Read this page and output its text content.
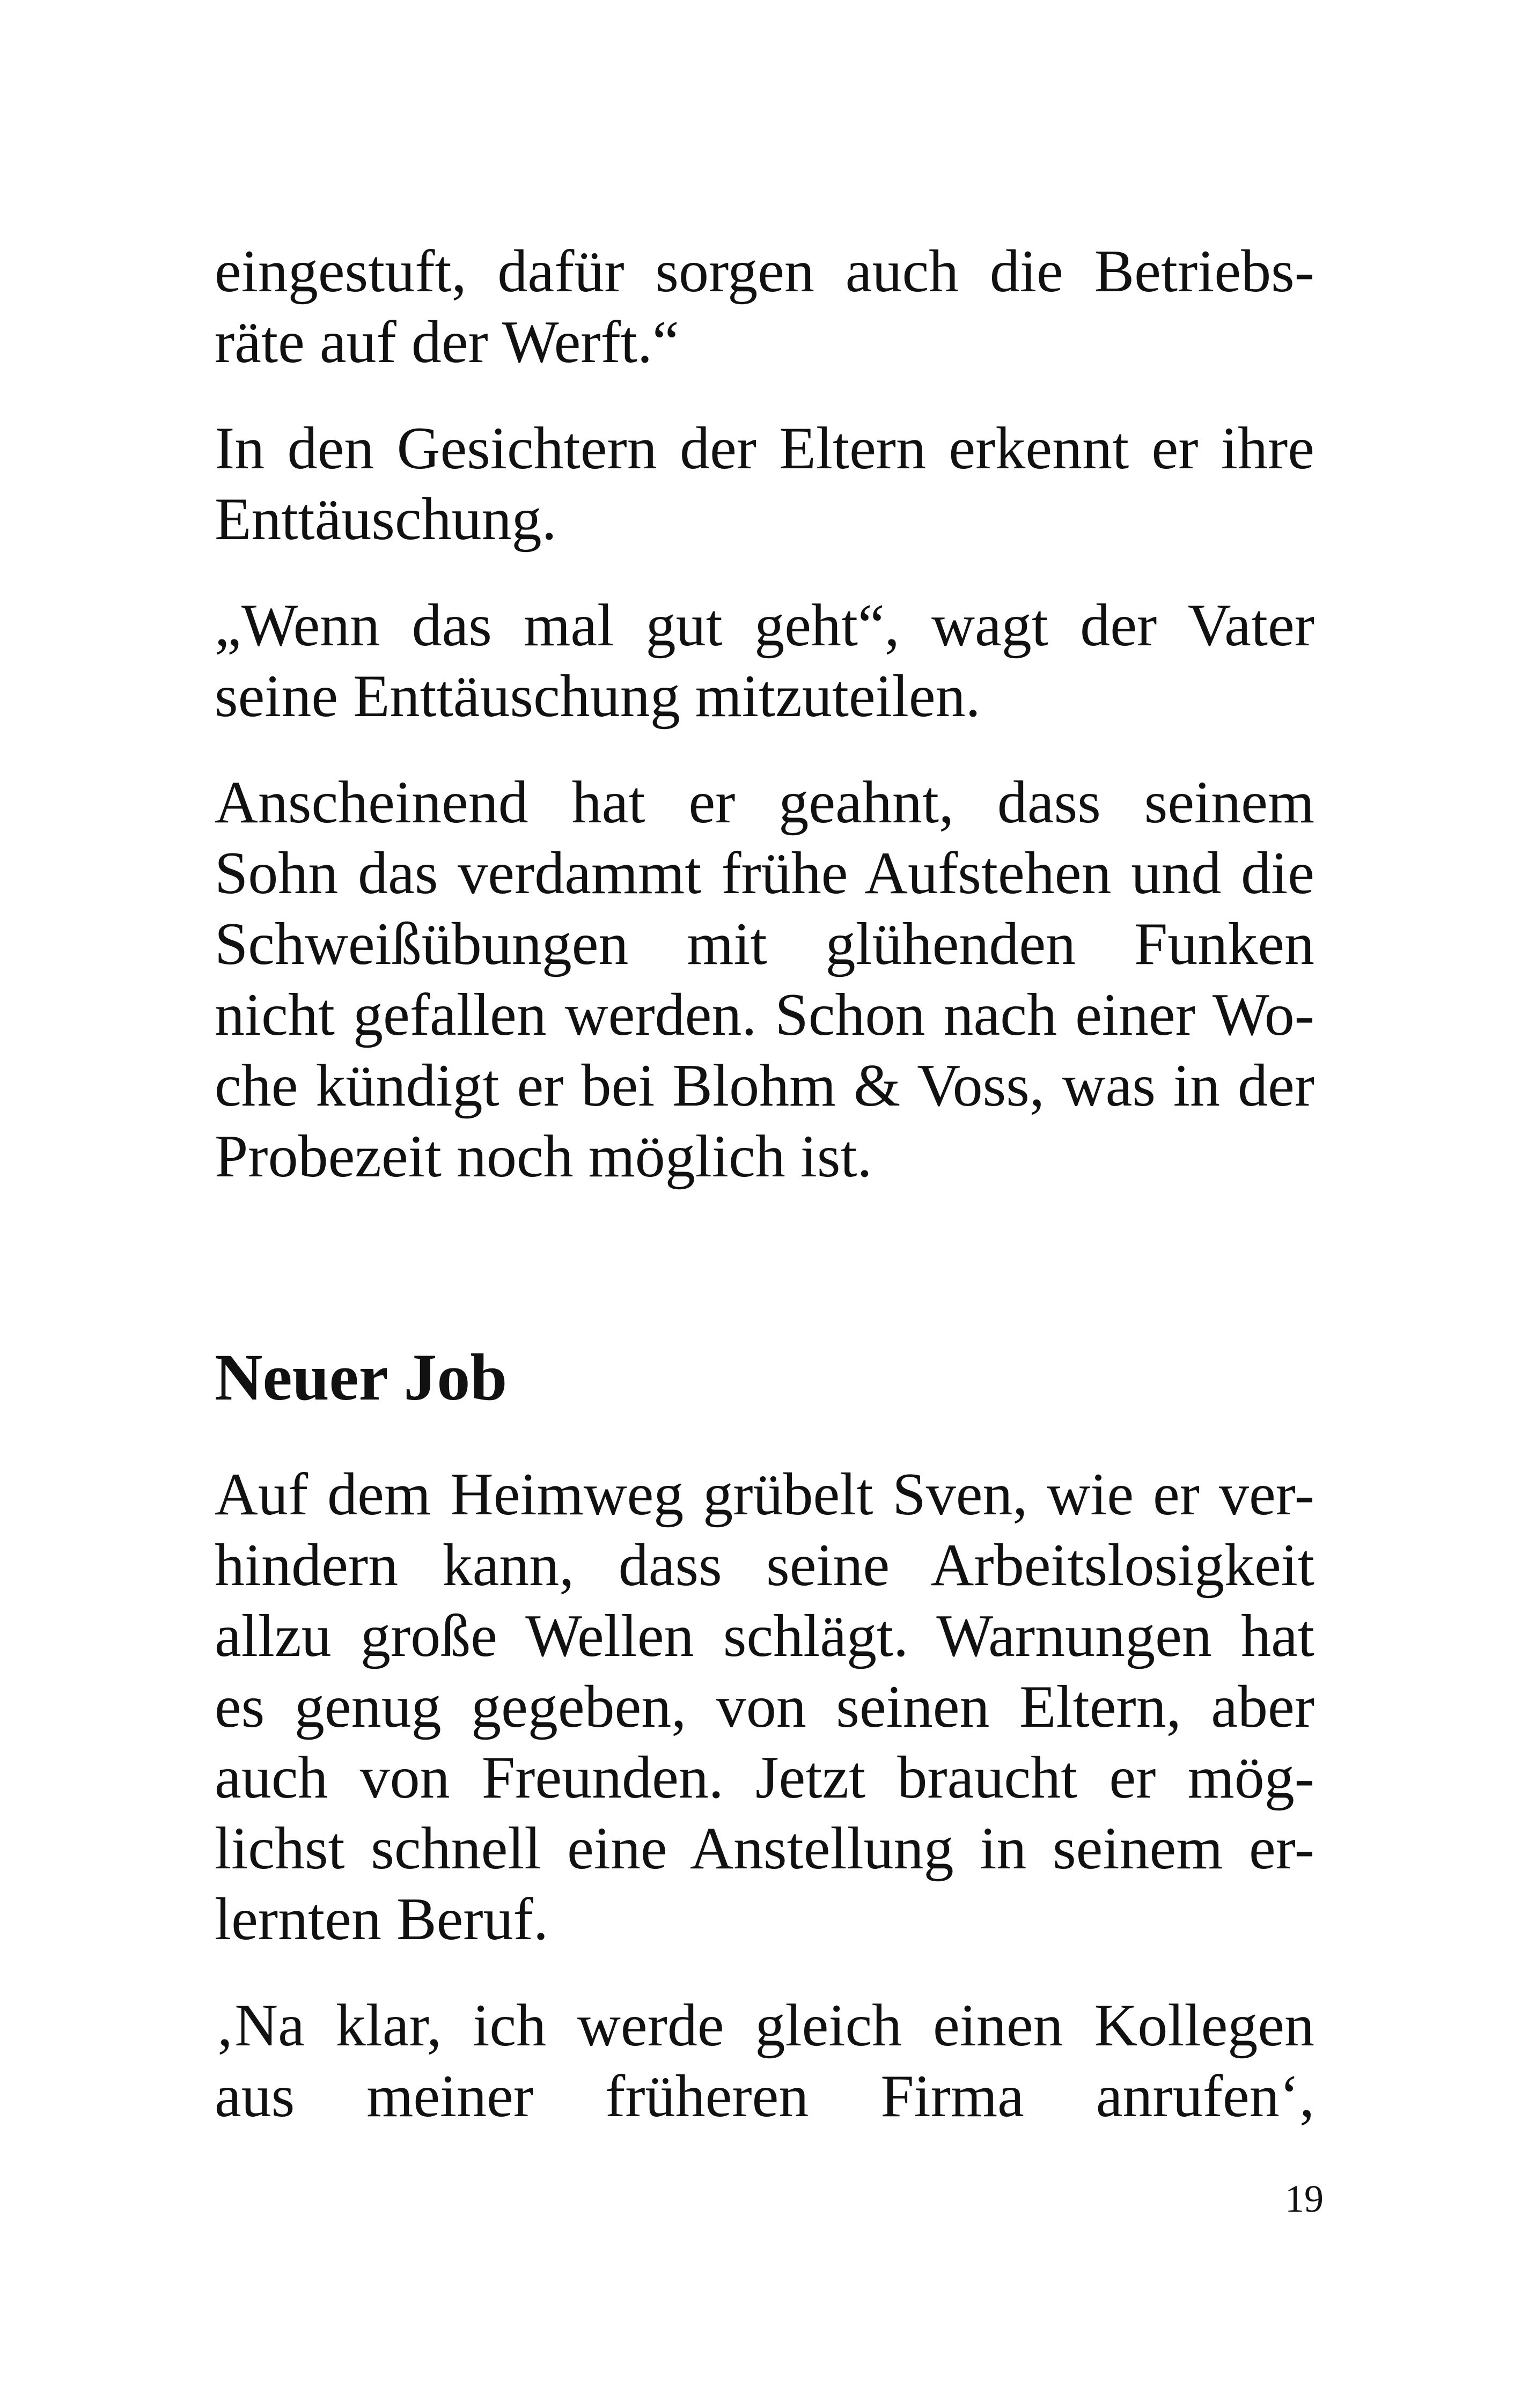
eingestuft, dafür sorgen auch die Betriebs-
räte auf der Werft.“
In den Gesichtern der Eltern erkennt er ihre
Enttäuschung.
„Wenn das mal gut geht“, wagt der Vater
seine Enttäuschung mitzuteilen.
Anscheinend hat er geahnt, dass seinem
Sohn das verdammt frühe Aufstehen und die
Schweißübungen mit glühenden Funken
nicht gefallen werden. Schon nach einer Wo-
che kündigt er bei Blohm & Voss, was in der
Probezeit noch möglich ist.
Neuer Job
Auf dem Heimweg grübelt Sven, wie er ver-
hindern kann, dass seine Arbeitslosigkeit
allzu große Wellen schlägt. Warnungen hat
es genug gegeben, von seinen Eltern, aber
auch von Freunden. Jetzt braucht er mög-
lichst schnell eine Anstellung in seinem er-
lernten Beruf.
‚Na klar, ich werde gleich einen Kollegen
aus meiner früheren Firma anrufen‘,
19
